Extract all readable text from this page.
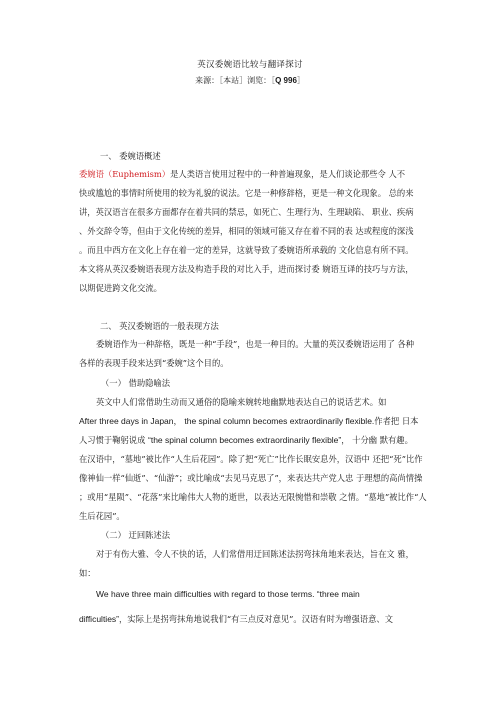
英汉委婉语比较与翻译探讨
来源：［本站］浏览：［Q 996］
一、 委婉语概述
委婉语（Euphemism）是人类语言使用过程中的一种普遍现象，是人们谈论那些令 人不
快或尴尬的事情时所使用的较为礼貌的说法。它是一种修辞格，更是一种文化现象。 总的来
讲，英汉语言在很多方面都存在着共同的禁忌，如死亡、生理行为、生理缺陷、 职业、疾病
、外交辞令等，但由于文化传统的差异，相同的领域可能又存在着不同的表 达或程度的深浅
。而且中西方在文化上存在着一定的差异，这就导致了委婉语所承载的 文化信息有所不同。
本文将从英汉委婉语表现方法及构造手段的对比入手，进而探讨委 婉语互译的技巧与方法，
以期促进跨文化交流。
二、 英汉委婉语的一般表现方法
委婉语作为一种辞格，既是一种“手段”，也是一种目的。大量的英汉委婉语运用了 各种
各样的表现手段来达到“委婉”这个目的。
（一） 借助隐喻法
英文中人们常借助生动而又通俗的隐喻来婉转地幽默地表达自己的说话艺术。如
After three days in Japan， the spinal column becomes extraordinarily flexible.作者把 日本
人习惯于鞠躬说成 “the spinal column becomes extraordinarily flexible”， 十分幽 默有趣。
在汉语中，“墓地”被比作“人生后花园”。除了把“死亡”比作长眠安息外，汉语中 还把“死”比作
像神仙一样“仙逝”、“仙游”；或比喻成“去见马克思了”，来表达共产党人忠 于理想的高尚情操
；或用“星陨”、“花落”来比喻伟大人物的逝世，以表达无限惋惜和崇敬 之情。“墓地”被比作“人
生后花园”。
（二） 迂回陈述法
对于有伤大雅、令人不快的话，人们常借用迂回陈述法拐弯抹角地来表达，旨在文 雅，
如：
We have three main difficulties with regard to those terms. “three main
difficulties”，实际上是拐弯抹角地说我们“有三点反对意见”。汉语有时为增强语意、文
